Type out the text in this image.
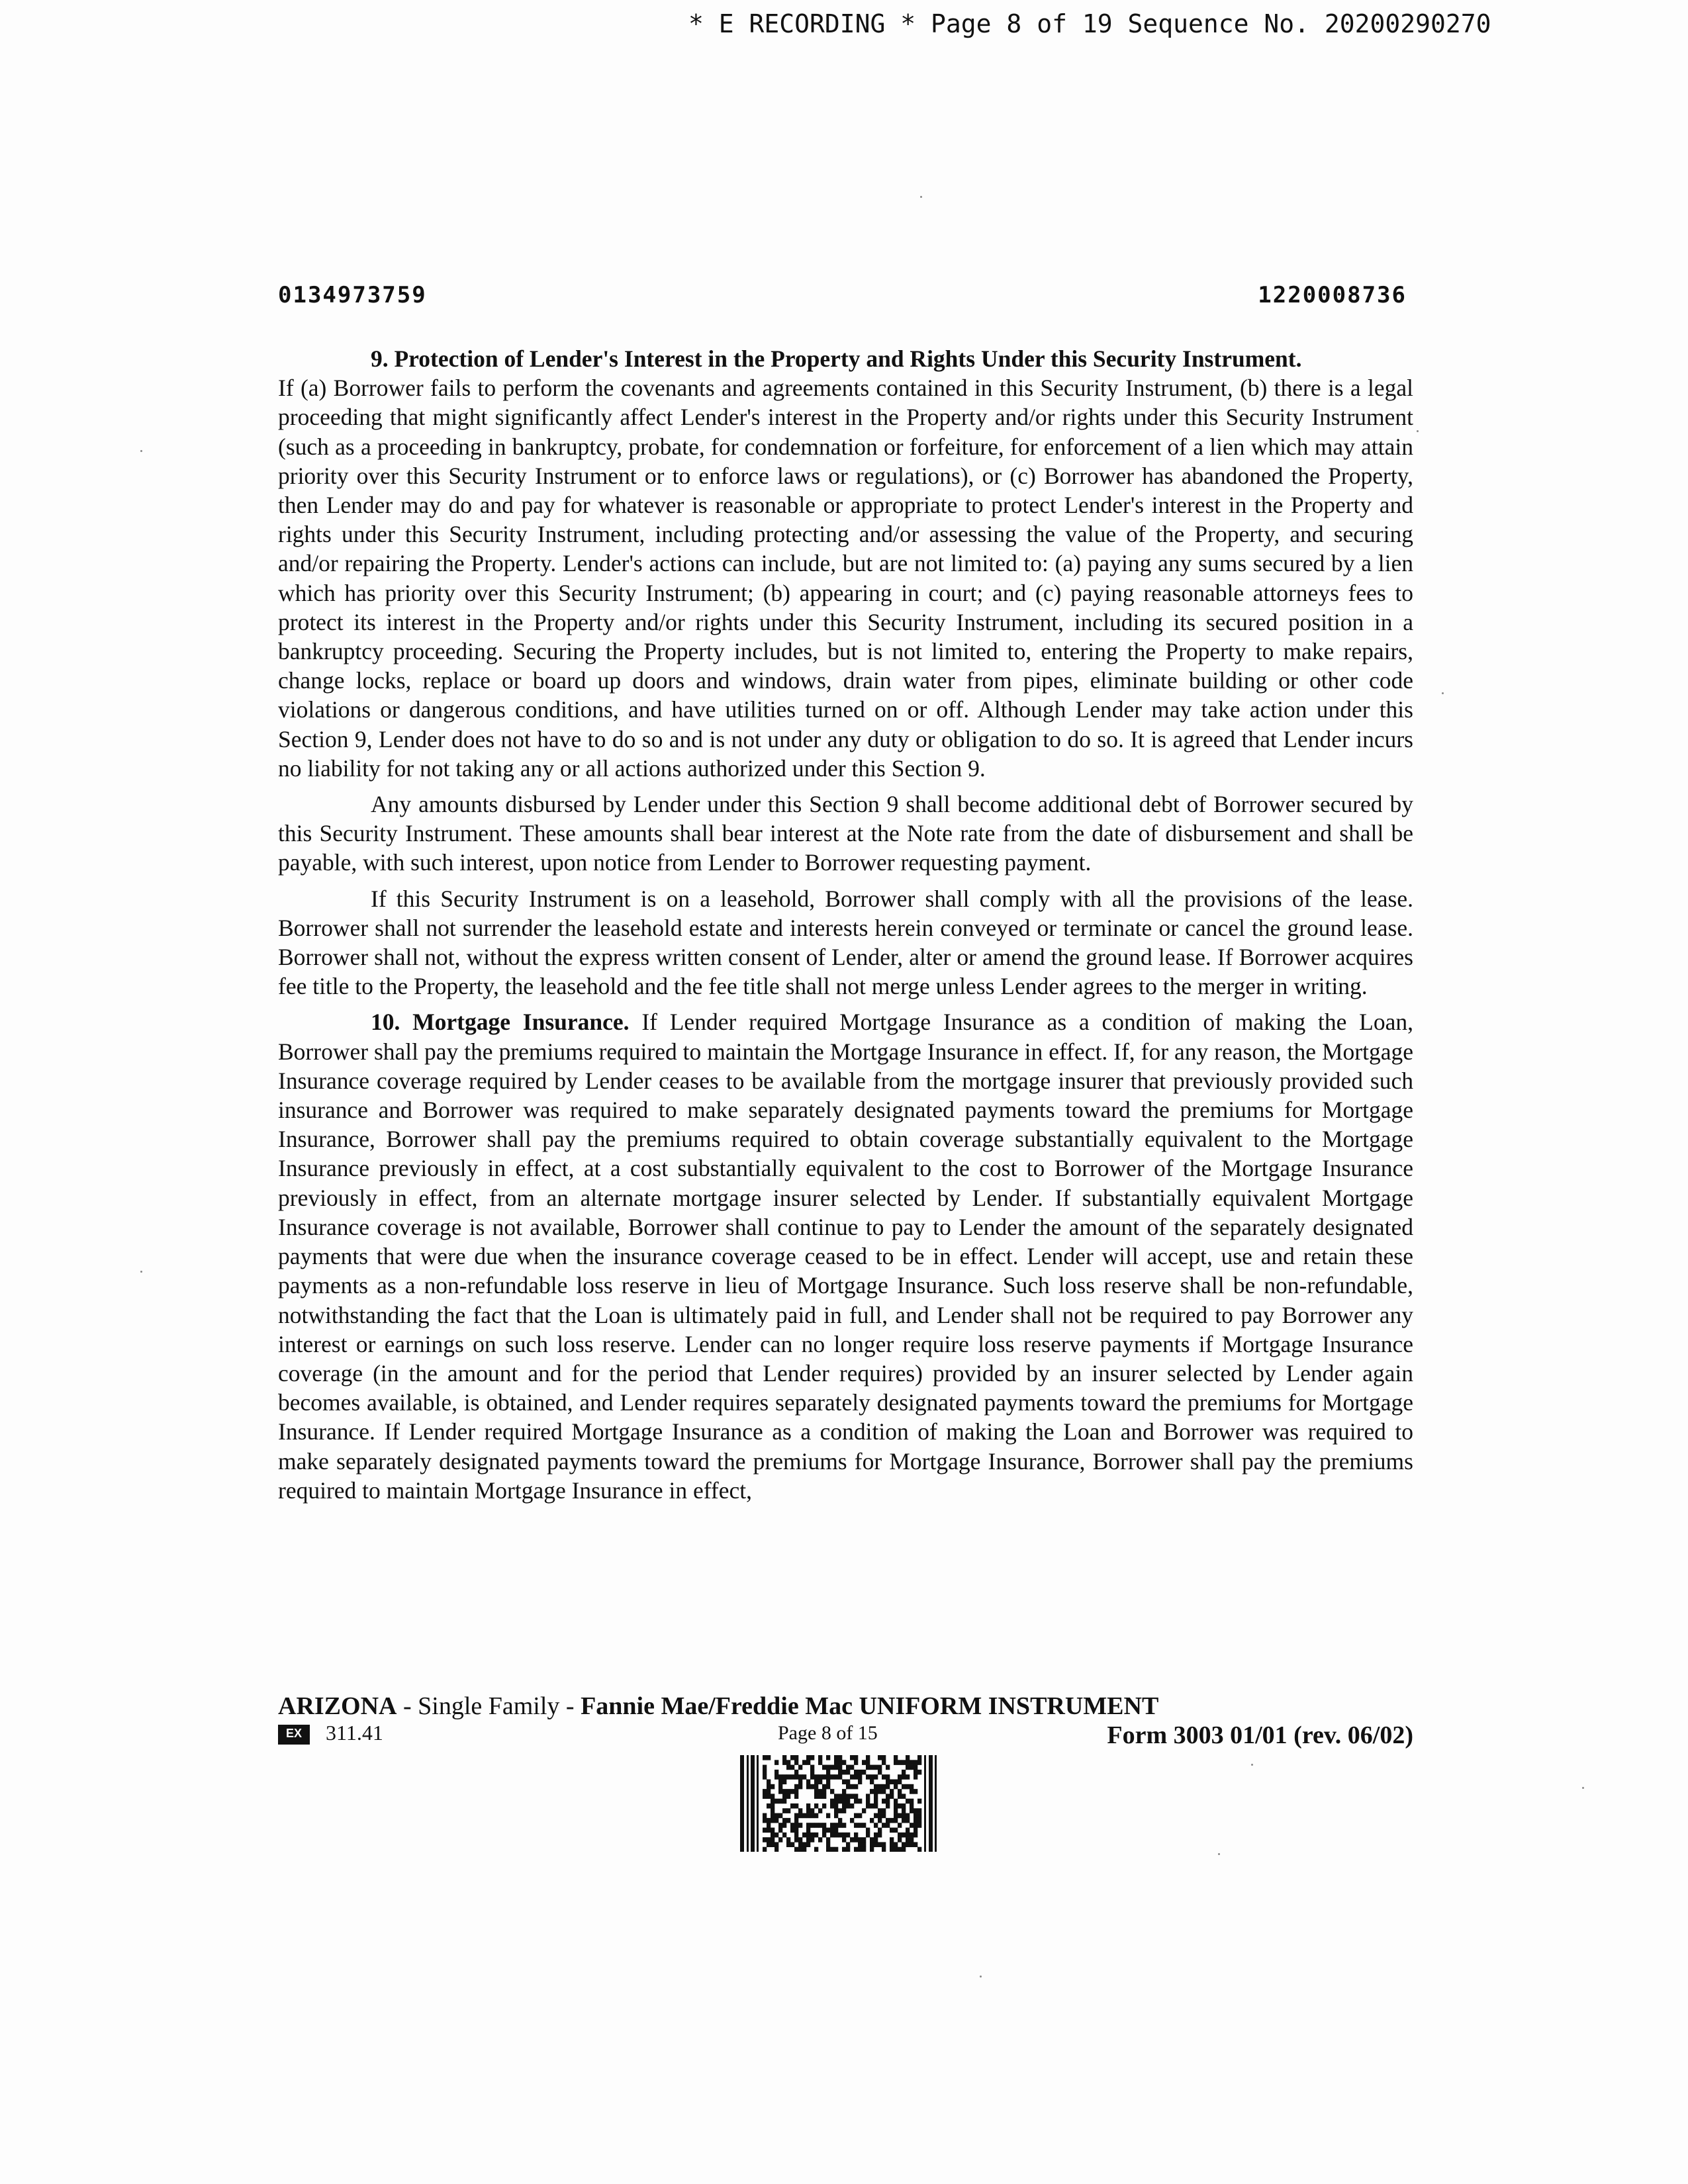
* E RECORDING * Page 8 of 19 Sequence No. 20200290270
0134973759	1220008736

9. Protection of Lender's Interest in the Property and Rights Under this Security Instrument.

If (a) Borrower fails to perform the covenants and agreements contained in this Security Instrument, (b) there is a legal proceeding that might significantly affect Lender's interest in the Property and/or rights under this Security Instrument (such as a proceeding in bankruptcy, probate, for condemnation or forfeiture, for enforcement of a lien which may attain priority over this Security Instrument or to enforce laws or regulations), or (c) Borrower has abandoned the Property, then Lender may do and pay for whatever is reasonable or appropriate to protect Lender's interest in the Property and rights under this Security Instrument, including protecting and/or assessing the value of the Property, and securing and/or repairing the Property. Lender's actions can include, but are not limited to: (a) paying any sums secured by a lien which has priority over this Security Instrument; (b) appearing in court; and (c) paying reasonable attorneys fees to protect its interest in the Property and/or rights under this Security Instrument, including its secured position in a bankruptcy proceeding. Securing the Property includes, but is not limited to, entering the Property to make repairs, change locks, replace or board up doors and windows, drain water from pipes, eliminate building or other code violations or dangerous conditions, and have utilities turned on or off. Although Lender may take action under this Section 9, Lender does not have to do so and is not under any duty or obligation to do so. It is agreed that Lender incurs no liability for not taking any or all actions authorized under this Section 9.

Any amounts disbursed by Lender under this Section 9 shall become additional debt of Borrower secured by this Security Instrument. These amounts shall bear interest at the Note rate from the date of disbursement and shall be payable, with such interest, upon notice from Lender to Borrower requesting payment.

If this Security Instrument is on a leasehold, Borrower shall comply with all the provisions of the lease. Borrower shall not surrender the leasehold estate and interests herein conveyed or terminate or cancel the ground lease. Borrower shall not, without the express written consent of Lender, alter or amend the ground lease. If Borrower acquires fee title to the Property, the leasehold and the fee title shall not merge unless Lender agrees to the merger in writing.

10. Mortgage Insurance. If Lender required Mortgage Insurance as a condition of making the Loan, Borrower shall pay the premiums required to maintain the Mortgage Insurance in effect. If, for any reason, the Mortgage Insurance coverage required by Lender ceases to be available from the mortgage insurer that previously provided such insurance and Borrower was required to make separately designated payments toward the premiums for Mortgage Insurance, Borrower shall pay the premiums required to obtain coverage substantially equivalent to the Mortgage Insurance previously in effect, at a cost substantially equivalent to the cost to Borrower of the Mortgage Insurance previously in effect, from an alternate mortgage insurer selected by Lender. If substantially equivalent Mortgage Insurance coverage is not available, Borrower shall continue to pay to Lender the amount of the separately designated payments that were due when the insurance coverage ceased to be in effect. Lender will accept, use and retain these payments as a non-refundable loss reserve in lieu of Mortgage Insurance. Such loss reserve shall be non-refundable, notwithstanding the fact that the Loan is ultimately paid in full, and Lender shall not be required to pay Borrower any interest or earnings on such loss reserve. Lender can no longer require loss reserve payments if Mortgage Insurance coverage (in the amount and for the period that Lender requires) provided by an insurer selected by Lender again becomes available, is obtained, and Lender requires separately designated payments toward the premiums for Mortgage Insurance. If Lender required Mortgage Insurance as a condition of making the Loan and Borrower was required to make separately designated payments toward the premiums for Mortgage Insurance, Borrower shall pay the premiums required to maintain Mortgage Insurance in effect,

ARIZONA - Single Family - Fannie Mae/Freddie Mac UNIFORM INSTRUMENT
EX	311.41	Page 8 of 15	Form 3003 01/01 (rev. 06/02)
